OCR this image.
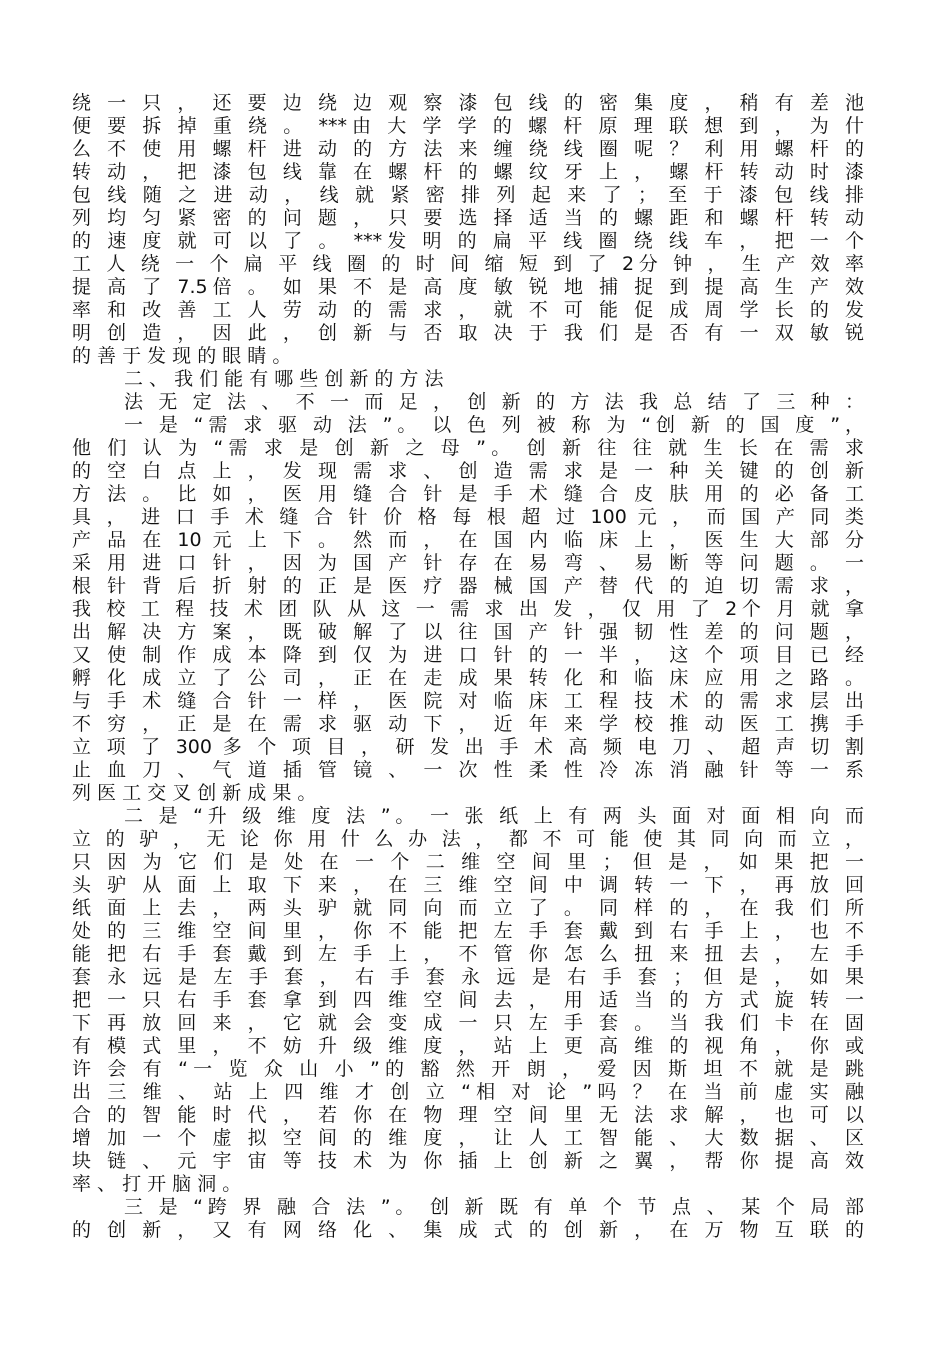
绕 一 只 ， 还 要 边 绕 边 观 察 漆 包 线 的 密 集 度 ， 稍 有 差 池
便 要 拆 掉 重 绕 。 ***由 大 学 学 的 螺 杆 原 理 联 想 到 ， 为 什
么 不 使 用 螺 杆 进 动 的 方 法 来 缠 绕 线 圈 呢 ？ 利 用 螺 杆 的
转 动 ， 把 漆 包 线 靠 在 螺 杆 的 螺 纹 牙 上 ， 螺 杆 转 动 时 漆
包 线 随 之 进 动 ， 线 就 紧 密 排 列 起 来 了 ； 至 于 漆 包 线 排
列 均 匀 紧 密 的 问 题 ， 只 要 选 择 适 当 的 螺 距 和 螺 杆 转 动
的 速 度 就 可 以 了 。 ***发 明 的 扁 平 线 圈 绕 线 车 ， 把 一 个
工 人 绕 一 个 扁 平 线 圈 的 时 间 缩 短 到 了 2分 钟 ， 生 产 效 率
提 高 了 7.5倍 。 如 果 不 是 高 度 敏 锐 地 捕 捉 到 提 高 生 产 效
率 和 改 善 工 人 劳 动 的 需 求 ， 就 不 可 能 促 成 周 学 长 的 发
明 创 造 ， 因 此 ， 创 新 与 否 取 决 于 我 们 是 否 有 一 双 敏 锐
的 善 于 发 现 的 眼 睛 。
二 、 我 们 能 有 哪 些 创 新 的 方 法
法 无 定 法 、 不 一 而 足 ， 创 新 的 方 法 我 总 结 了 三 种 ：
一 是 “需 求 驱 动 法 ”。 以 色 列 被 称 为 “创 新 的 国 度 ”，
他 们 认 为 “需 求 是 创 新 之 母 ”。 创 新 往 往 就 生 长 在 需 求
的 空 白 点 上 ， 发 现 需 求 、 创 造 需 求 是 一 种 关 键 的 创 新
方 法 。 比 如 ， 医 用 缝 合 针 是 手 术 缝 合 皮 肤 用 的 必 备 工
具 ， 进 口 手 术 缝 合 针 价 格 每 根 超 过 100 元 ， 而 国 产 同 类
产 品 在 10 元 上 下 。 然 而 ， 在 国 内 临 床 上 ， 医 生 大 部 分
采 用 进 口 针 ， 因 为 国 产 针 存 在 易 弯 、 易 断 等 问 题 。 一
根 针 背 后 折 射 的 正 是 医 疗 器 械 国 产 替 代 的 迫 切 需 求 ，
我 校 工 程 技 术 团 队 从 这 一 需 求 出 发 ， 仅 用 了 2个 月 就 拿
出 解 决 方 案 ， 既 破 解 了 以 往 国 产 针 强 韧 性 差 的 问 题 ，
又 使 制 作 成 本 降 到 仅 为 进 口 针 的 一 半 ， 这 个 项 目 已 经
孵 化 成 立 了 公 司 ， 正 在 走 成 果 转 化 和 临 床 应 用 之 路 。
与 手 术 缝 合 针 一 样 ， 医 院 对 临 床 工 程 技 术 的 需 求 层 出
不 穷 ， 正 是 在 需 求 驱 动 下 ， 近 年 来 学 校 推 动 医 工 携 手
立 项 了 300 多 个 项 目 ， 研 发 出 手 术 高 频 电 刀 、 超 声 切 割
止 血 刀 、 气 道 插 管 镜 、 一 次 性 柔 性 冷 冻 消 融 针 等 一 系
列 医 工 交 叉 创 新 成 果 。
二 是 “升 级 维 度 法 ”。 一 张 纸 上 有 两 头 面 对 面 相 向 而
立 的 驴 ， 无 论 你 用 什 么 办 法 ， 都 不 可 能 使 其 同 向 而 立 ，
只 因 为 它 们 是 处 在 一 个 二 维 空 间 里 ； 但 是 ， 如 果 把 一
头 驴 从 面 上 取 下 来 ， 在 三 维 空 间 中 调 转 一 下 ， 再 放 回
纸 面 上 去 ， 两 头 驴 就 同 向 而 立 了 。 同 样 的 ， 在 我 们 所
处 的 三 维 空 间 里 ， 你 不 能 把 左 手 套 戴 到 右 手 上 ， 也 不
能 把 右 手 套 戴 到 左 手 上 ， 不 管 你 怎 么 扭 来 扭 去 ， 左 手
套 永 远 是 左 手 套 ， 右 手 套 永 远 是 右 手 套 ； 但 是 ， 如 果
把 一 只 右 手 套 拿 到 四 维 空 间 去 ， 用 适 当 的 方 式 旋 转 一
下 再 放 回 来 ， 它 就 会 变 成 一 只 左 手 套 。 当 我 们 卡 在 固
有 模 式 里 ， 不 妨 升 级 维 度 ， 站 上 更 高 维 的 视 角 ， 你 或
许 会 有 “一 览 众 山 小 ”的 豁 然 开 朗 ， 爱 因 斯 坦 不 就 是 跳
出 三 维 、 站 上 四 维 才 创 立 “相 对 论 ”吗 ？ 在 当 前 虚 实 融
合 的 智 能 时 代 ， 若 你 在 物 理 空 间 里 无 法 求 解 ， 也 可 以
增 加 一 个 虚 拟 空 间 的 维 度 ， 让 人 工 智 能 、 大 数 据 、 区
块 链 、 元 宇 宙 等 技 术 为 你 插 上 创 新 之 翼 ， 帮 你 提 高 效
率 、 打 开 脑 洞 。
三 是 “跨 界 融 合 法 ”。 创 新 既 有 单 个 节 点 、 某 个 局 部
的 创 新 ， 又 有 网 络 化 、 集 成 式 的 创 新 ， 在 万 物 互 联 的
